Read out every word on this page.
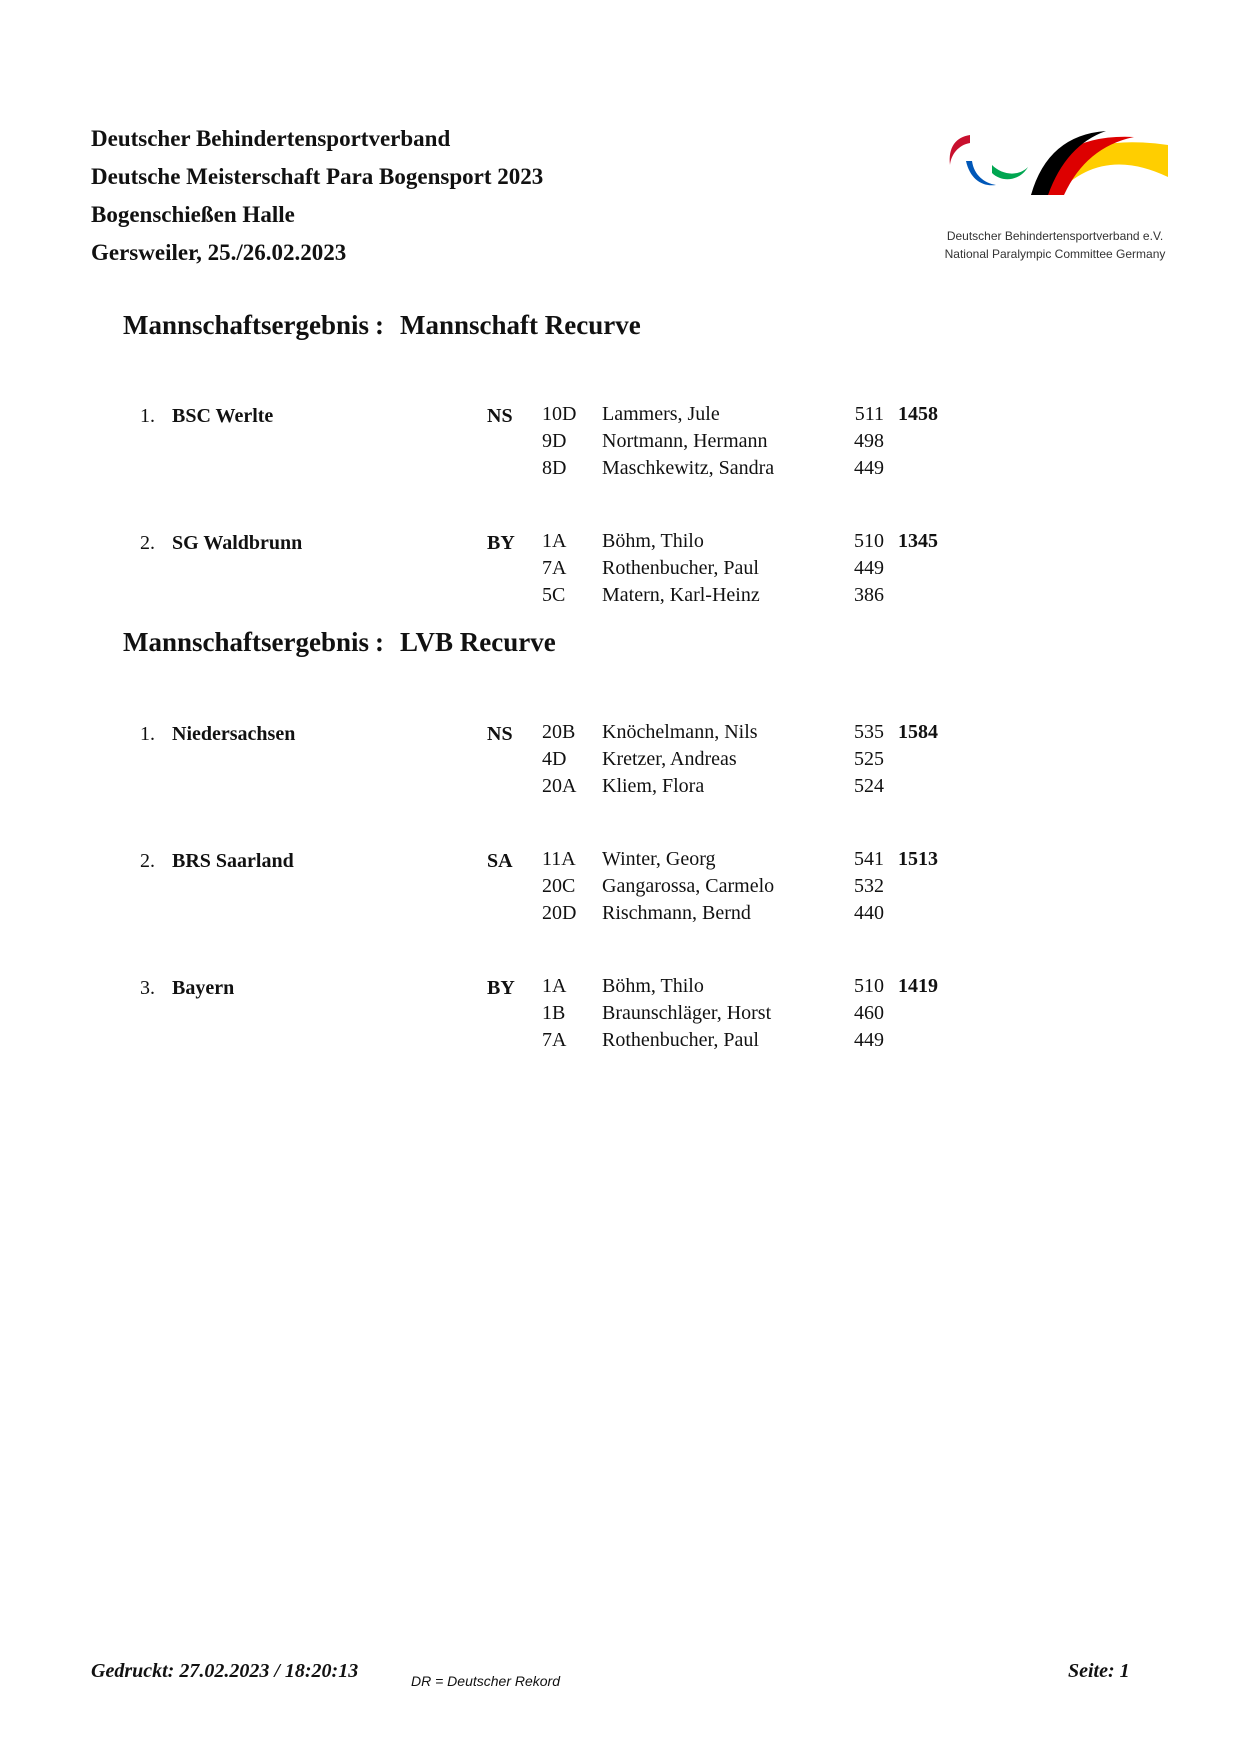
Deutscher Behindertensportverband
Deutsche Meisterschaft Para Bogensport 2023
Bogenschießen Halle
Gersweiler, 25./26.02.2023
Deutscher Behindertensportverband e.V.
National Paralympic Committee Germany
Mannschaftsergebnis : Mannschaft Recurve
1. BSC Werlte	NS	1458
10D Lammers, Jule	511
9D Nortmann, Hermann	498
8D Maschkewitz, Sandra	449
2. SG Waldbrunn	BY	1345
1A Böhm, Thilo	510
7A Rothenbucher, Paul	449
5C Matern, Karl-Heinz	386
Mannschaftsergebnis : LVB Recurve
1. Niedersachsen	NS	1584
20B Knöchelmann, Nils	535
4D Kretzer, Andreas	525
20A Kliem, Flora	524
2. BRS Saarland	SA	1513
11A Winter, Georg	541
20C Gangarossa, Carmelo	532
20D Rischmann, Bernd	440
3. Bayern	BY	1419
1A Böhm, Thilo	510
1B Braunschläger, Horst	460
7A Rothenbucher, Paul	449
Gedruckt: 27.02.2023 / 18:20:13	DR = Deutscher Rekord	Seite: 1
